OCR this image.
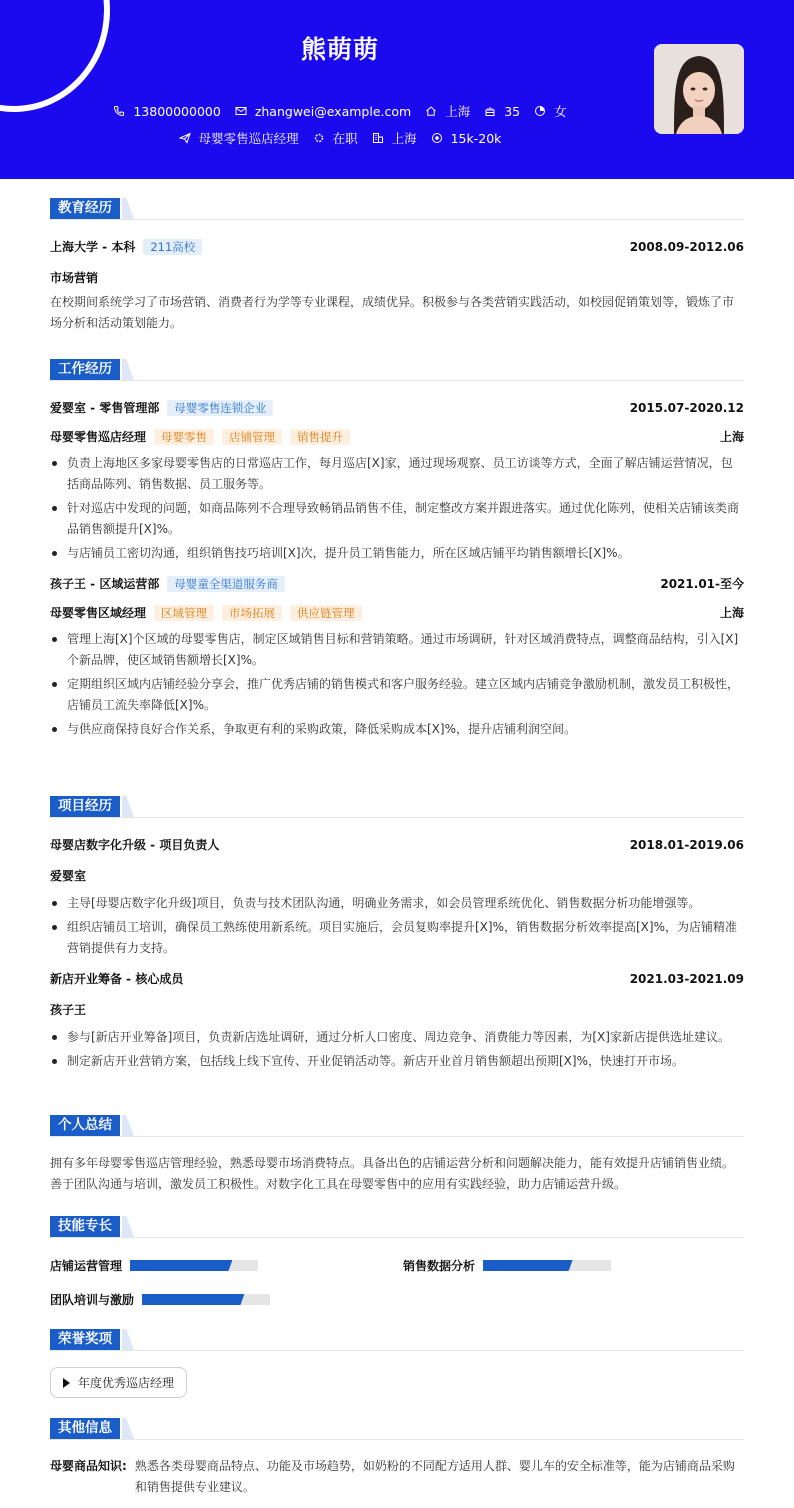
熊萌萌
13800000000	zhangwei@example.com	上海	35	女
母婴零售巡店经理	在职	上海	15k-20k
教育经历
上海大学 - 本科 211高校	2008.09-2012.06
市场营销
在校期间系统学习了市场营销、消费者行为学等专业课程，成绩优异。积极参与各类营销实践活动，如校园促销策划等，锻炼了市场分析和活动策划能力。
工作经历
爱婴室 - 零售管理部 母婴零售连锁企业	2015.07-2020.12
母婴零售巡店经理 母婴零售 店铺管理 销售提升	上海
负责上海地区多家母婴零售店的日常巡店工作，每月巡店[X]家，通过现场观察、员工访谈等方式，全面了解店铺运营情况，包括商品陈列、销售数据、员工服务等。
针对巡店中发现的问题，如商品陈列不合理导致畅销品销售不佳，制定整改方案并跟进落实。通过优化陈列，使相关店铺该类商品销售额提升[X]%。
与店铺员工密切沟通，组织销售技巧培训[X]次，提升员工销售能力，所在区域店铺平均销售额增长[X]%。
孩子王 - 区域运营部 母婴童全渠道服务商	2021.01-至今
母婴零售区域经理 区域管理 市场拓展 供应链管理	上海
管理上海[X]个区域的母婴零售店，制定区域销售目标和营销策略。通过市场调研，针对区域消费特点，调整商品结构，引入[X]个新品牌，使区域销售额增长[X]%。
定期组织区域内店铺经验分享会，推广优秀店铺的销售模式和客户服务经验。建立区域内店铺竞争激励机制，激发员工积极性，店铺员工流失率降低[X]%。
与供应商保持良好合作关系，争取更有利的采购政策，降低采购成本[X]%，提升店铺利润空间。
项目经历
母婴店数字化升级 - 项目负责人	2018.01-2019.06
爱婴室
主导[母婴店数字化升级]项目，负责与技术团队沟通，明确业务需求，如会员管理系统优化、销售数据分析功能增强等。
组织店铺员工培训，确保员工熟练使用新系统。项目实施后，会员复购率提升[X]%，销售数据分析效率提高[X]%，为店铺精准营销提供有力支持。
新店开业筹备 - 核心成员	2021.03-2021.09
孩子王
参与[新店开业筹备]项目，负责新店选址调研，通过分析人口密度、周边竞争、消费能力等因素，为[X]家新店提供选址建议。
制定新店开业营销方案，包括线上线下宣传、开业促销活动等。新店开业首月销售额超出预期[X]%，快速打开市场。
个人总结
拥有多年母婴零售巡店管理经验，熟悉母婴市场消费特点。具备出色的店铺运营分析和问题解决能力，能有效提升店铺销售业绩。善于团队沟通与培训，激发员工积极性。对数字化工具在母婴零售中的应用有实践经验，助力店铺运营升级。
技能专长
店铺运营管理	销售数据分析
团队培训与激励
荣誉奖项
年度优秀巡店经理
其他信息
母婴商品知识: 熟悉各类母婴商品特点、功能及市场趋势，如奶粉的不同配方适用人群、婴儿车的安全标准等，能为店铺商品采购和销售提供专业建议。
